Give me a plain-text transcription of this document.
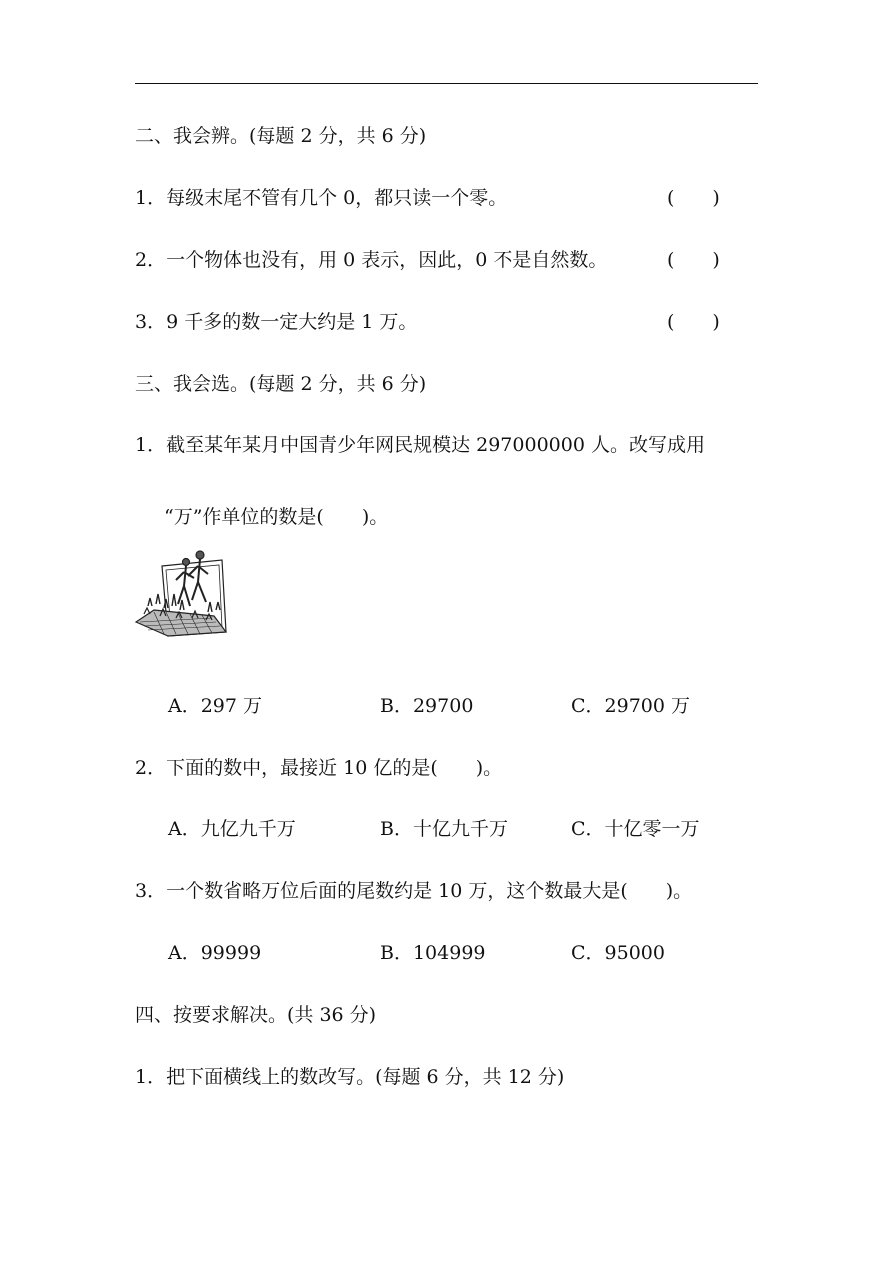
二、我会辨。(每题 2 分，共 6 分)
1．每级末尾不管有几个 0，都只读一个零。	(　　)
2．一个物体也没有，用 0 表示，因此，0 不是自然数。	(　　)
3．9 千多的数一定大约是 1 万。	(　　)
三、我会选。(每题 2 分，共 6 分)
1．截至某年某月中国青少年网民规模达 297000000 人。改写成用
“万”作单位的数是(　　)。
A．297 万	B．29700	C．29700 万
2．下面的数中，最接近 10 亿的是(　　)。
A．九亿九千万	B．十亿九千万	C．十亿零一万
3．一个数省略万位后面的尾数约是 10 万，这个数最大是(　　)。
A．99999	B．104999	C．95000
四、按要求解决。(共 36 分)
1．把下面横线上的数改写。(每题 6 分，共 12 分)
